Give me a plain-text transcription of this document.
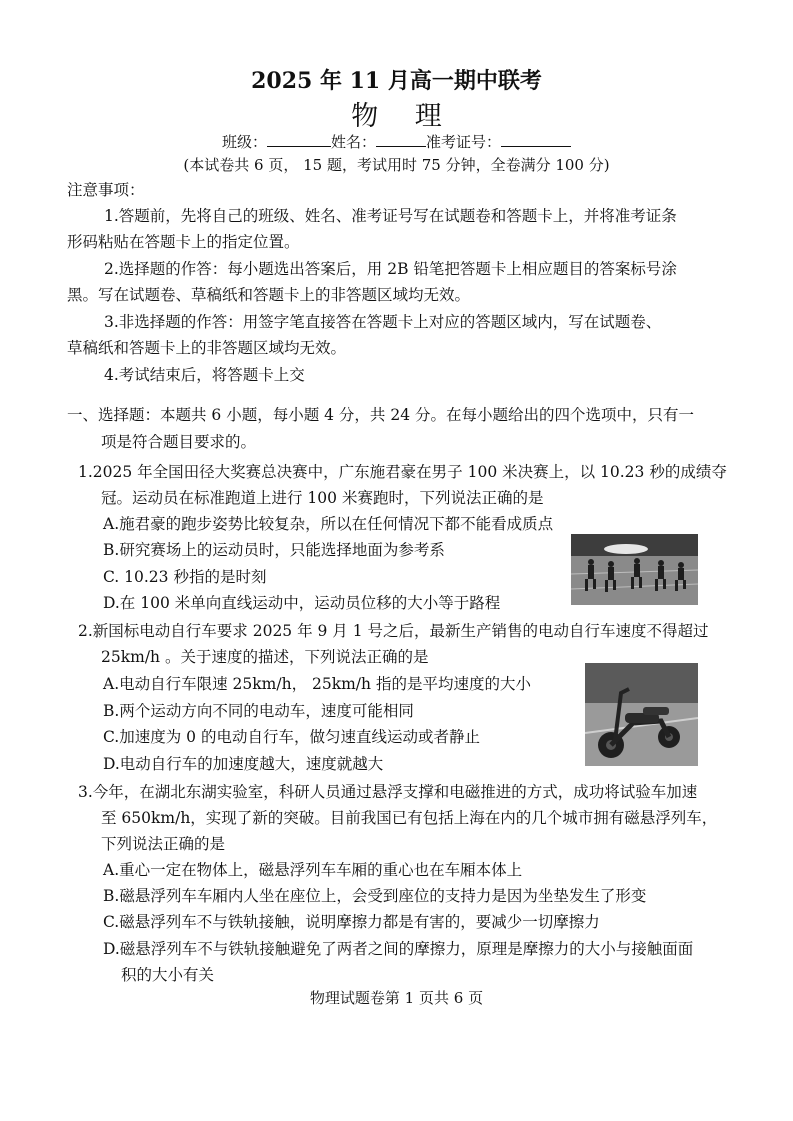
2025 年 11 月高一期中联考
物 理
班级：	姓名：	准考证号：
(本试卷共 6 页， 15 题，考试用时 75 分钟，全卷满分 100 分)
注意事项：
1.答题前，先将自己的班级、姓名、准考证号写在试题卷和答题卡上，并将准考证条
形码粘贴在答题卡上的指定位置。
2.选择题的作答：每小题选出答案后，用 2B 铅笔把答题卡上相应题目的答案标号涂
黑。写在试题卷、草稿纸和答题卡上的非答题区域均无效。
3.非选择题的作答：用签字笔直接答在答题卡上对应的答题区域内，写在试题卷、
草稿纸和答题卡上的非答题区域均无效。
4.考试结束后，将答题卡上交
一、选择题：本题共 6 小题，每小题 4 分，共 24 分。在每小题给出的四个选项中，只有一
项是符合题目要求的。
1.2025 年全国田径大奖赛总决赛中，广东施君豪在男子 100 米决赛上，以 10.23 秒的成绩夺
冠。运动员在标准跑道上进行 100 米赛跑时，下列说法正确的是
A.施君豪的跑步姿势比较复杂，所以在任何情况下都不能看成质点
B.研究赛场上的运动员时，只能选择地面为参考系
C. 10.23 秒指的是时刻
D.在 100 米单向直线运动中，运动员位移的大小等于路程
2.新国标电动自行车要求 2025 年 9 月 1 号之后，最新生产销售的电动自行车速度不得超过
25km/h 。关于速度的描述，下列说法正确的是
A.电动自行车限速 25km/h， 25km/h 指的是平均速度的大小
B.两个运动方向不同的电动车，速度可能相同
C.加速度为 0 的电动自行车，做匀速直线运动或者静止
D.电动自行车的加速度越大，速度就越大
3.今年，在湖北东湖实验室，科研人员通过悬浮支撑和电磁推进的方式，成功将试验车加速
至 650km/h，实现了新的突破。目前我国已有包括上海在内的几个城市拥有磁悬浮列车，
下列说法正确的是
A.重心一定在物体上，磁悬浮列车车厢的重心也在车厢本体上
B.磁悬浮列车车厢内人坐在座位上，会受到座位的支持力是因为坐垫发生了形变
C.磁悬浮列车不与铁轨接触，说明摩擦力都是有害的，要减少一切摩擦力
D.磁悬浮列车不与铁轨接触避免了两者之间的摩擦力，原理是摩擦力的大小与接触面面
积的大小有关
物理试题卷第 1 页共 6 页
